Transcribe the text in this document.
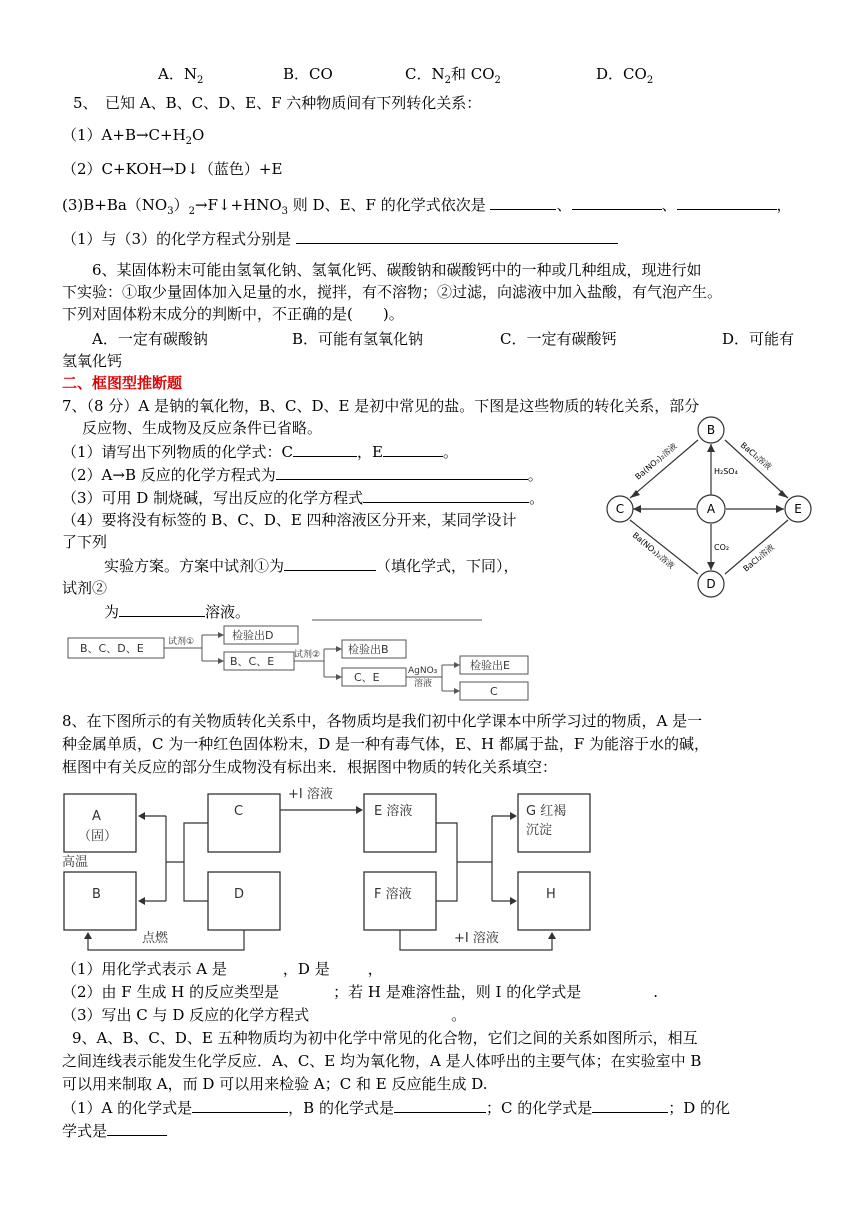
A．$N_2$	B．CO	C．$N_2$和 $CO_2$	D．$CO_2$
5、　已知 A、B、C、D、E、F 六种物质间有下列转化关系：
$(1)A+B\to C+H_2O$
（2）C+KOH→D↓（蓝色）+E
$(3)B+Ba(NO_3)_2\to F↓+HNO_3$ 则 D、E、F 的化学式依次是	、	、	，
（1）与（3）的化学方程式分别是
6、某固体粉末可能由氢氧化钠、氢氧化钙、碳酸钠和碳酸钙中的一种或几种组成，现进行如
下实验：①取少量固体加入足量的水，搅拌，有不溶物；②过滤，向滤液中加入盐酸，有气泡产生。
下列对固体粉末成分的判断中，不正确的是(　　)。
A．一定有碳酸钠	B．可能有氢氧化钠	C．一定有碳酸钙	D．可能有
氢氧化钙
二、框图型推断题
7、（8 分）A 是钠的氧化物，B、C、D、E 是初中常见的盐。下图是这些物质的转化关系，部分
反应物、生成物及反应条件已省略。
（1）请写出下列物质的化学式：C	，E	。
（2）A→B 反应的化学方程式为	。
（3）可用 D 制烧碱，写出反应的化学方程式	。
（4）要将没有标签的 B、C、D、E 四种溶液区分开来，某同学设计
了下列
实验方案。方案中试剂①为	（填化学式，下同），
试剂②
为	溶液。
B
C	A	E
D
Ba(NO₃)₂溶液	BaCl₂溶液
Ba(NO₃)₂溶液	BaCl₂溶液
H₂SO₄
CO₂
B、C、D、E	试剂①	检验出D
B、C、E 试剂②	检验出B
C、E	AgNO₃
溶液
检验出E
C
8、在下图所示的有关物质转化关系中，各物质均是我们初中化学课本中所学习过的物质，A 是一
种金属单质，C 为一种红色固体粉末，D 是一种有毒气体，E、H 都属于盐，F 为能溶于水的碱，
框图中有关反应的部分生成物没有标出来．根据图中物质的转化关系填空：
A
（固）
B
C
D
E 溶液
F 溶液
G 红褐
沉淀
H
+I 溶液
+I 溶液
高温
点燃
（1）用化学式表示 A 是	，D 是	，
（2）由 F 生成 H 的反应类型是	；若 H 是难溶性盐，则 I 的化学式是	.
（3）写出 C 与 D 反应的化学方程式	。
9、A、B、C、D、E 五种物质均为初中化学中常见的化合物，它们之间的关系如图所示，相互
之间连线表示能发生化学反应．A、C、E 均为氧化物，A 是人体呼出的主要气体；在实验室中 B
可以用来制取 A，而 D 可以用来检验 A；C 和 E 反应能生成 D.
（1）A 的化学式是	，B 的化学式是	；C 的化学式是	；D 的化
学式是
